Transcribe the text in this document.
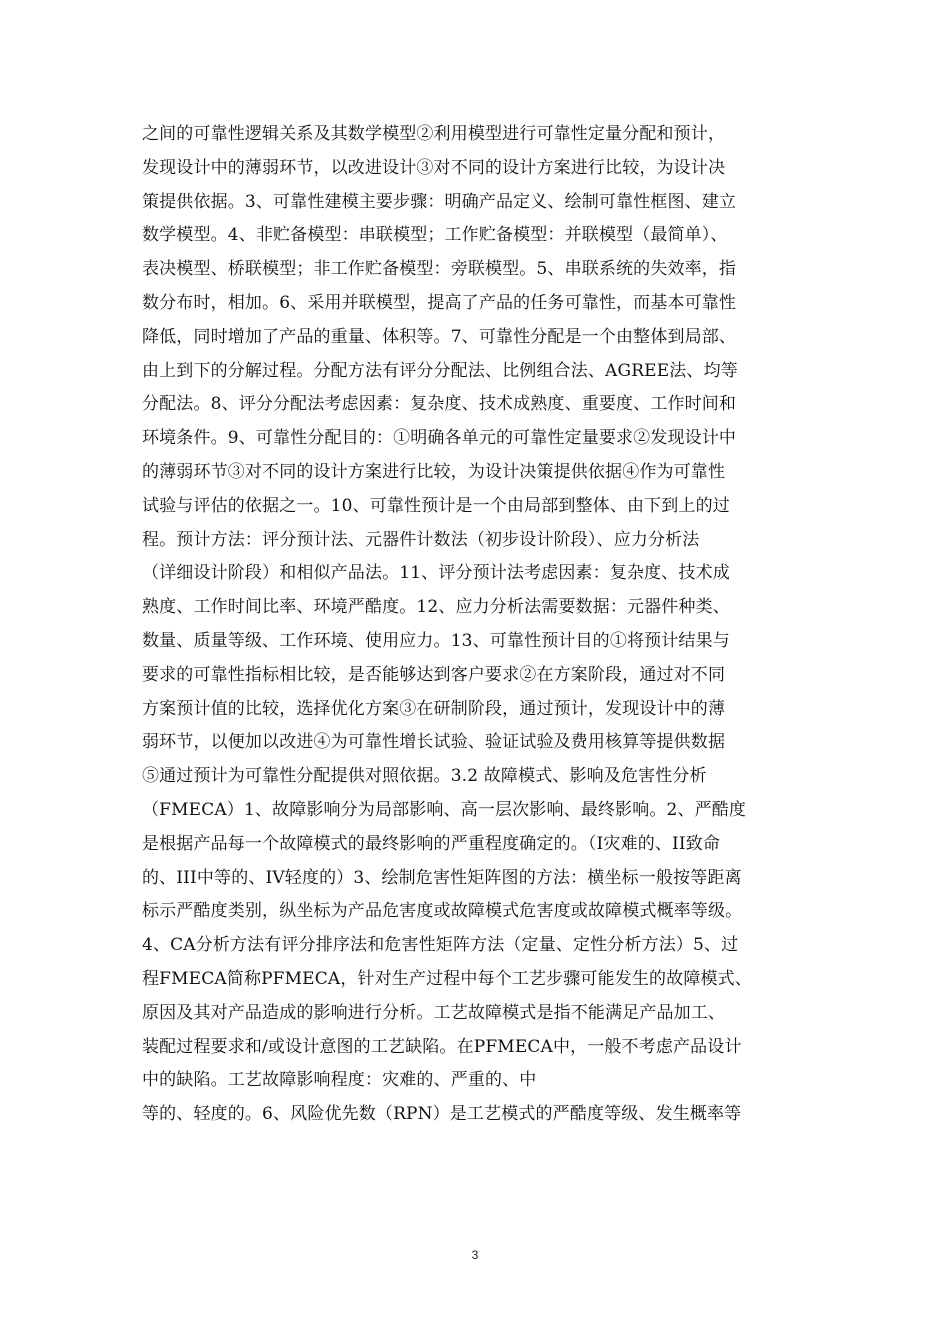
之间的可靠性逻辑关系及其数学模型②利用模型进行可靠性定量分配和预计，
发现设计中的薄弱环节，以改进设计③对不同的设计方案进行比较，为设计决
策提供依据。3、可靠性建模主要步骤：明确产品定义、绘制可靠性框图、建立
数学模型。4、非贮备模型：串联模型；工作贮备模型：并联模型（最简单）、
表决模型、桥联模型；非工作贮备模型：旁联模型。5、串联系统的失效率，指
数分布时，相加。6、采用并联模型，提高了产品的任务可靠性，而基本可靠性
降低，同时增加了产品的重量、体积等。7、可靠性分配是一个由整体到局部、
由上到下的分解过程。分配方法有评分分配法、比例组合法、AGREE法、均等
分配法。8、评分分配法考虑因素：复杂度、技术成熟度、重要度、工作时间和
环境条件。9、可靠性分配目的：①明确各单元的可靠性定量要求②发现设计中
的薄弱环节③对不同的设计方案进行比较，为设计决策提供依据④作为可靠性
试验与评估的依据之一。10、可靠性预计是一个由局部到整体、由下到上的过
程。预计方法：评分预计法、元器件计数法（初步设计阶段）、应力分析法
（详细设计阶段）和相似产品法。11、评分预计法考虑因素：复杂度、技术成
熟度、工作时间比率、环境严酷度。12、应力分析法需要数据：元器件种类、
数量、质量等级、工作环境、使用应力。13、可靠性预计目的①将预计结果与
要求的可靠性指标相比较，是否能够达到客户要求②在方案阶段，通过对不同
方案预计值的比较，选择优化方案③在研制阶段，通过预计，发现设计中的薄
弱环节，以便加以改进④为可靠性增长试验、验证试验及费用核算等提供数据
⑤通过预计为可靠性分配提供对照依据。3.2 故障模式、影响及危害性分析
（FMECA）1、故障影响分为局部影响、高一层次影响、最终影响。2、严酷度
是根据产品每一个故障模式的最终影响的严重程度确定的。（I灾难的、II致命
的、III中等的、IV轻度的）3、绘制危害性矩阵图的方法：横坐标一般按等距离
标示严酷度类别，纵坐标为产品危害度或故障模式危害度或故障模式概率等级。
4、CA分析方法有评分排序法和危害性矩阵方法（定量、定性分析方法）5、过
程FMECA简称PFMECA，针对生产过程中每个工艺步骤可能发生的故障模式、
原因及其对产品造成的影响进行分析。工艺故障模式是指不能满足产品加工、
装配过程要求和/或设计意图的工艺缺陷。在PFMECA中，一般不考虑产品设计
中的缺陷。工艺故障影响程度：灾难的、严重的、中
等的、轻度的。6、风险优先数（RPN）是工艺模式的严酷度等级、发生概率等
3
